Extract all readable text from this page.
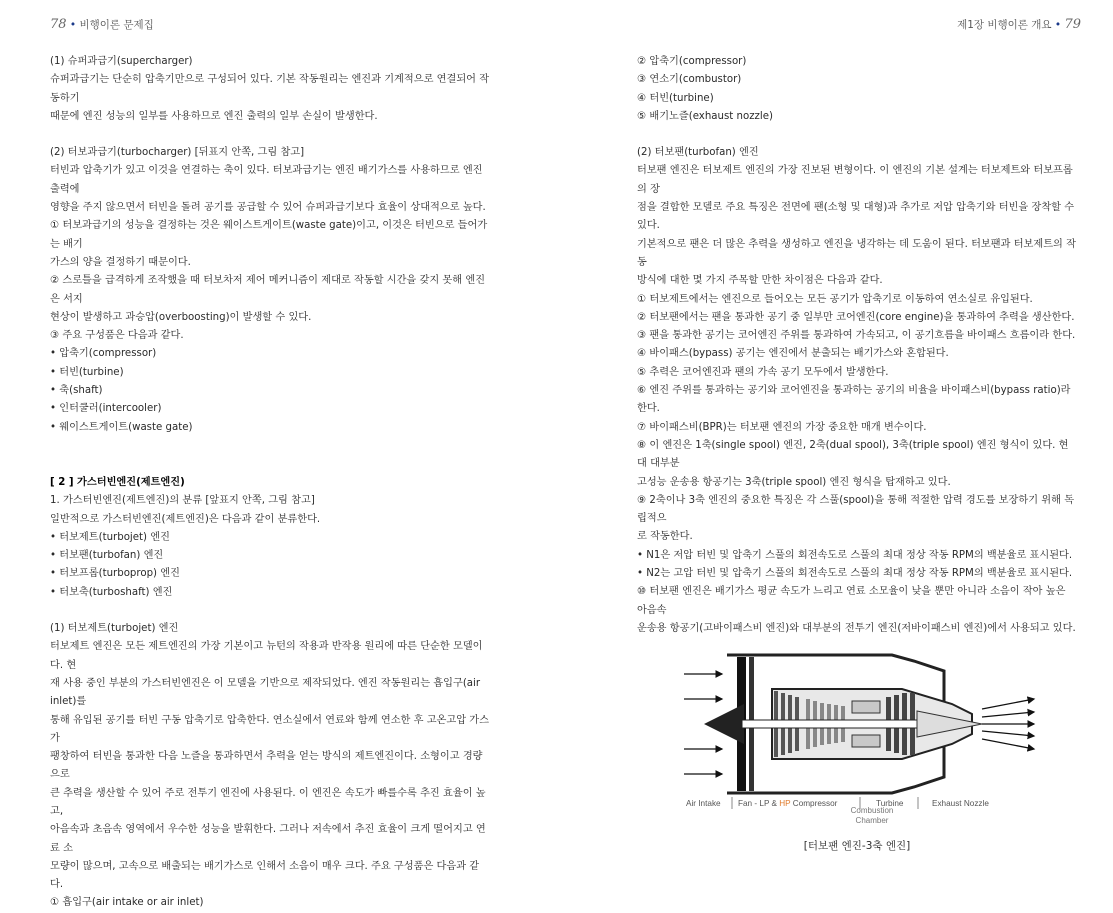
78 • 비행이론 문제집	제1장 비행이론 개요 • 79

(1) 슈퍼과급기(supercharger)

슈퍼과급기는 단순히 압축기만으로 구성되어 있다. 기본 작동원리는 엔진과 기계적으로 연결되어 작동하기

때문에 엔진 성능의 일부를 사용하므로 엔진 출력의 일부 손실이 발생한다.

(2) 터보과급기(turbocharger) [뒤표지 안쪽, 그림 참고]

터빈과 압축기가 있고 이것을 연결하는 축이 있다. 터보과급기는 엔진 배기가스를 사용하므로 엔진 출력에

영향을 주지 않으면서 터빈을 돌려 공기를 공급할 수 있어 슈퍼과급기보다 효율이 상대적으로 높다.

① 터보과급기의 성능을 결정하는 것은 웨이스트게이트(waste gate)이고, 이것은 터빈으로 들어가는 배기

가스의 양을 결정하기 때문이다.

② 스로틀을 급격하게 조작했을 때 터보차저 제어 메커니즘이 제대로 작동할 시간을 갖지 못해 엔진은 서지

현상이 발생하고 과승압(overboosting)이 발생할 수 있다.

③ 주요 구성품은 다음과 같다.

• 압축기(compressor)

• 터빈(turbine)

• 축(shaft)

• 인터쿨러(intercooler)

• 웨이스트게이트(waste gate)

[ 2 ] 가스터빈엔진(제트엔진)

1. 가스터빈엔진(제트엔진)의 분류 [앞표지 안쪽, 그림 참고]

일반적으로 가스터빈엔진(제트엔진)은 다음과 같이 분류한다.

• 터보제트(turbojet) 엔진

• 터보팬(turbofan) 엔진

• 터보프롭(turboprop) 엔진

• 터보축(turboshaft) 엔진

(1) 터보제트(turbojet) 엔진

터보제트 엔진은 모든 제트엔진의 가장 기본이고 뉴턴의 작용과 반작용 원리에 따른 단순한 모델이다. 현

재 사용 중인 부분의 가스터빈엔진은 이 모델을 기반으로 제작되었다. 엔진 작동원리는 흡입구(air inlet)를

통해 유입된 공기를 터빈 구동 압축기로 압축한다. 연소실에서 연료와 함께 연소한 후 고온고압 가스가

팽창하여 터빈을 통과한 다음 노즐을 통과하면서 추력을 얻는 방식의 제트엔진이다. 소형이고 경량으로

큰 추력을 생산할 수 있어 주로 전투기 엔진에 사용된다. 이 엔진은 속도가 빠를수록 추진 효율이 높고,

아음속과 초음속 영역에서 우수한 성능을 발휘한다. 그러나 저속에서 추진 효율이 크게 떨어지고 연료 소

모량이 많으며, 고속으로 배출되는 배기가스로 인해서 소음이 매우 크다. 주요 구성품은 다음과 같다.

① 흡입구(air intake or air inlet)

② 압축기(compressor)

③ 연소기(combustor)

④ 터빈(turbine)

⑤ 배기노즐(exhaust nozzle)

(2) 터보팬(turbofan) 엔진

터보팬 엔진은 터보제트 엔진의 가장 진보된 변형이다. 이 엔진의 기본 설계는 터보제트와 터보프롭의 장

점을 결합한 모델로 주요 특징은 전면에 팬(소형 및 대형)과 추가로 저압 압축기와 터빈을 장착할 수 있다.

기본적으로 팬은 더 많은 추력을 생성하고 엔진을 냉각하는 데 도움이 된다. 터보팬과 터보제트의 작동

방식에 대한 몇 가지 주목할 만한 차이점은 다음과 같다.

① 터보제트에서는 엔진으로 들어오는 모든 공기가 압축기로 이동하여 연소실로 유입된다.

② 터보팬에서는 팬을 통과한 공기 중 일부만 코어엔진(core engine)을 통과하여 추력을 생산한다.

③ 팬을 통과한 공기는 코어엔진 주위를 통과하여 가속되고, 이 공기흐름을 바이패스 흐름이라 한다.

④ 바이패스(bypass) 공기는 엔진에서 분출되는 배기가스와 혼합된다.

⑤ 추력은 코어엔진과 팬의 가속 공기 모두에서 발생한다.

⑥ 엔진 주위를 통과하는 공기와 코어엔진을 통과하는 공기의 비율을 바이패스비(bypass ratio)라 한다.

⑦ 바이패스비(BPR)는 터보팬 엔진의 가장 중요한 매개 변수이다.

⑧ 이 엔진은 1축(single spool) 엔진, 2축(dual spool), 3축(triple spool) 엔진 형식이 있다. 현대 대부분

고성능 운송용 항공기는 3축(triple spool) 엔진 형식을 탑재하고 있다.

⑨ 2축이나 3축 엔진의 중요한 특징은 각 스풀(spool)을 통해 적절한 압력 경도를 보장하기 위해 독립적으

로 작동한다.

• N1은 저압 터빈 및 압축기 스풀의 회전속도로 스풀의 최대 정상 작동 RPM의 백분율로 표시된다.

• N2는 고압 터빈 및 압축기 스풀의 회전속도로 스풀의 최대 정상 작동 RPM의 백분율로 표시된다.

⑩ 터보팬 엔진은 배기가스 평균 속도가 느리고 연료 소모율이 낮을 뿐만 아니라 소음이 작아 높은 아음속

운송용 항공기(고바이패스비 엔진)와 대부분의 전투기 엔진(저바이패스비 엔진)에서 사용되고 있다.

Air Intake Fan - LP & HP Compressor	Turbine	Exhaust Nozzle
Combustion
Chamber
[터보팬 엔진-3축 엔진]
